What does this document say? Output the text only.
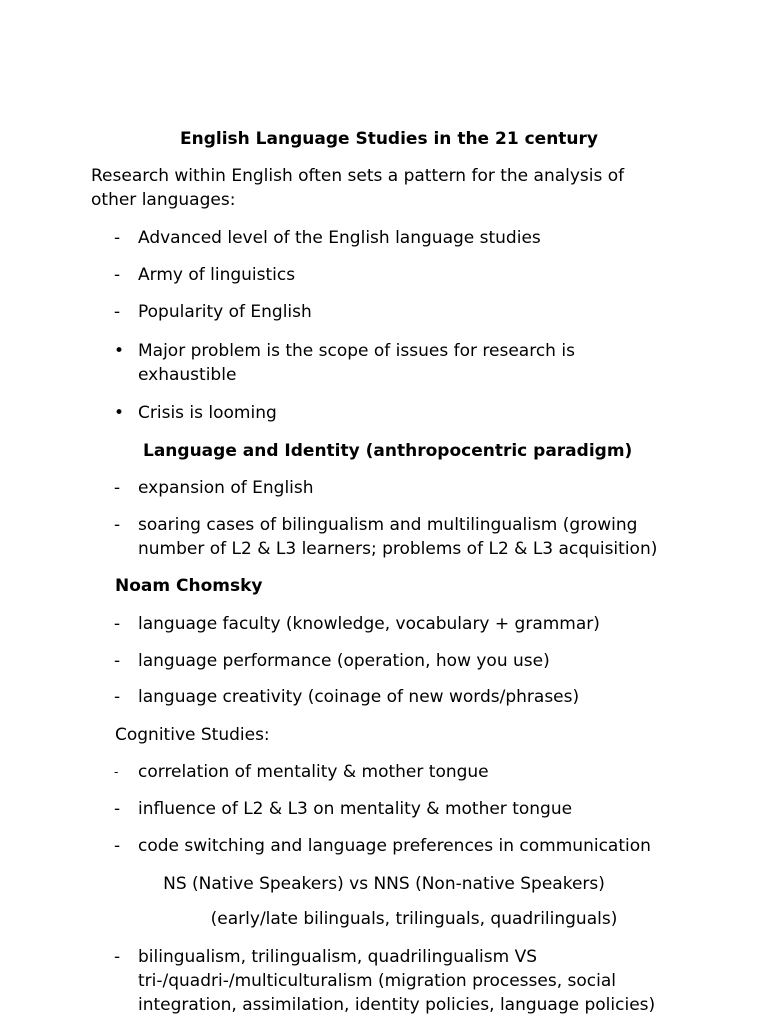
English Language Studies in the 21 century

Research within English often sets a pattern for the analysis of

other languages:

-	Advanced level of the English language studies
-	Army of linguistics
-	Popularity of English
• Major problem is the scope of issues for research is
exhaustible
• Crisis is looming

Language and Identity (anthropocentric paradigm)

-	expansion of English
-	soaring cases of bilingualism and multilingualism (growing
number of L2 & L3 learners; problems of L2 & L3 acquisition)

Noam Chomsky

-	language faculty (knowledge, vocabulary + grammar)
-	language performance (operation, how you use)
-	language creativity (coinage of new words/phrases)

Cognitive Studies:

-	correlation of mentality & mother tongue
-	influence of L2 & L3 on mentality & mother tongue
-	code switching and language preferences in communication

NS (Native Speakers) vs NNS (Non-native Speakers)

(early/late bilinguals, trilinguals, quadrilinguals)

-	bilingualism, trilingualism, quadrilingualism VS
tri-/quadri-/multiculturalism (migration processes, social
integration, assimilation, identity policies, language policies)
